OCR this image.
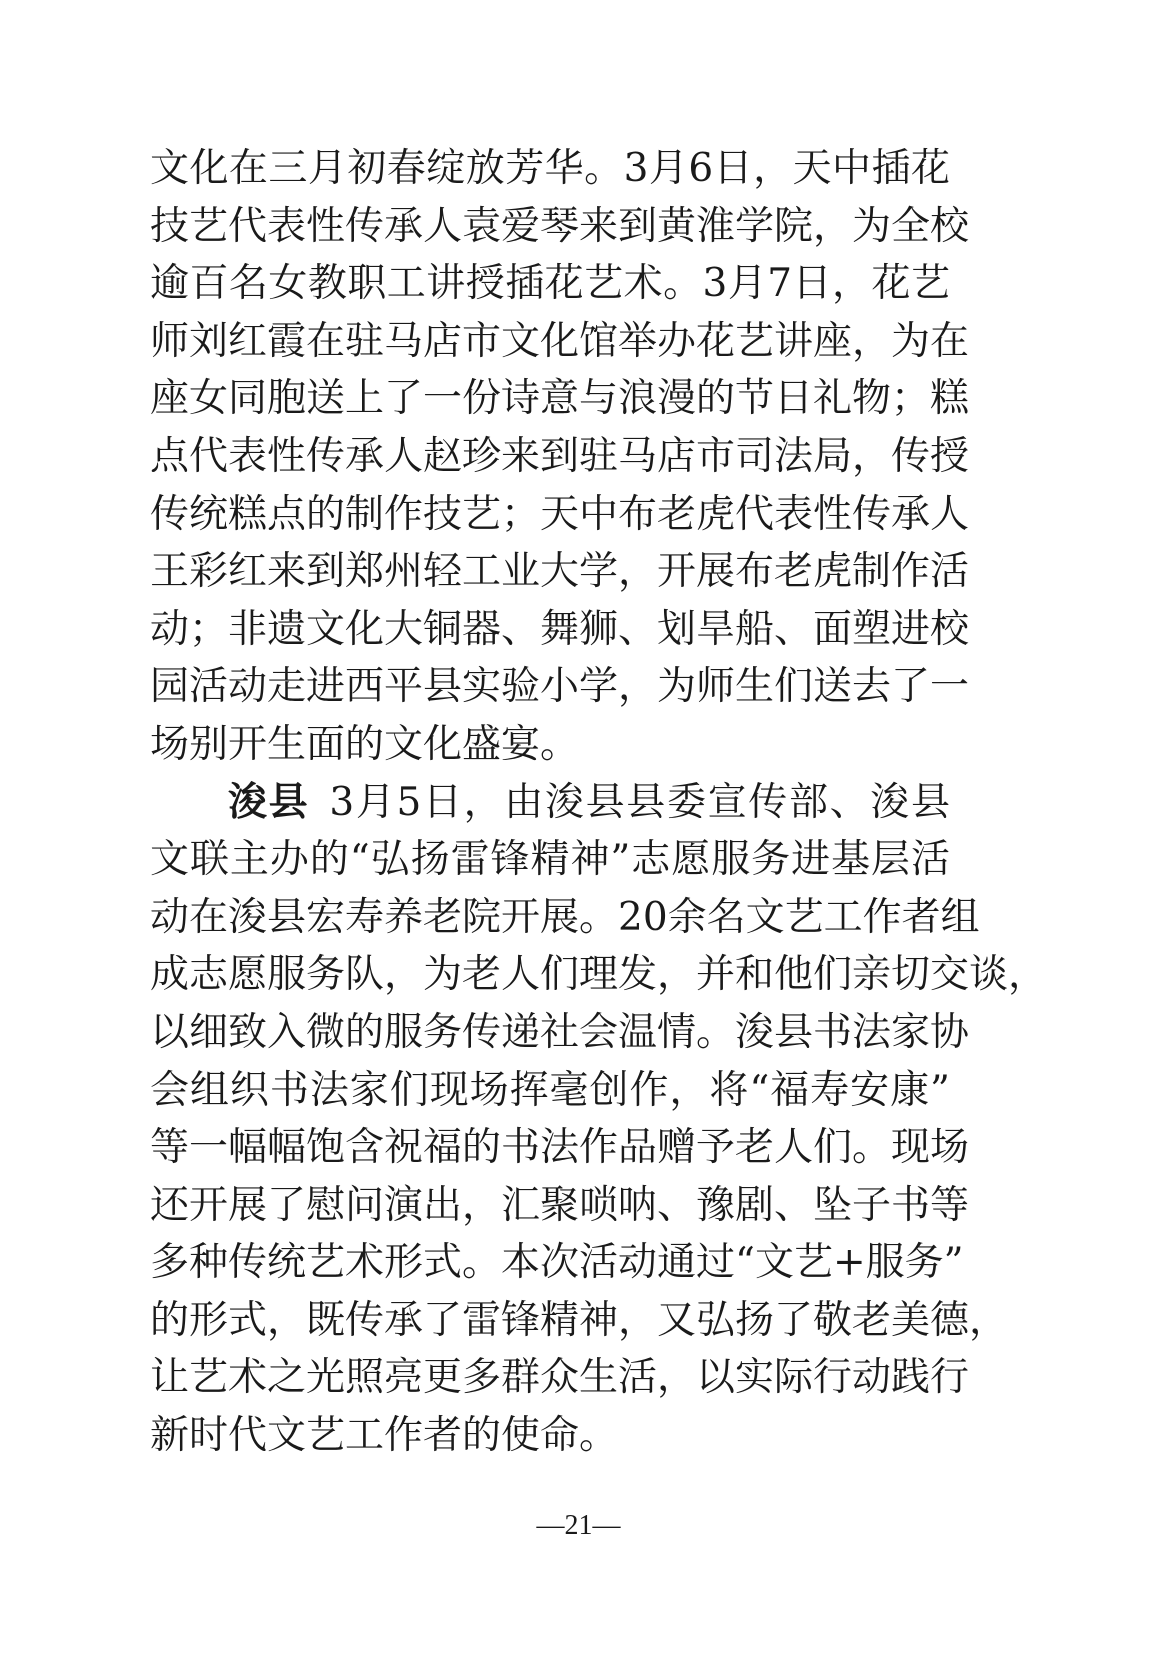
文化在三月初春绽放芳华。3月6日，天中插花
技艺代表性传承人袁爱琴来到黄淮学院，为全校
逾百名女教职工讲授插花艺术。3月7日，花艺
师刘红霞在驻马店市文化馆举办花艺讲座，为在
座女同胞送上了一份诗意与浪漫的节日礼物；糕
点代表性传承人赵珍来到驻马店市司法局，传授
传统糕点的制作技艺；天中布老虎代表性传承人
王彩红来到郑州轻工业大学，开展布老虎制作活
动；非遗文化大铜器、舞狮、划旱船、面塑进校
园活动走进西平县实验小学，为师生们送去了一
场别开生面的文化盛宴。
浚县 3月5日，由浚县县委宣传部、浚县
文联主办的“弘扬雷锋精神”志愿服务进基层活
动在浚县宏寿养老院开展。20余名文艺工作者组
成志愿服务队，为老人们理发，并和他们亲切交谈，
以细致入微的服务传递社会温情。浚县书法家协
会组织书法家们现场挥毫创作，将“福寿安康”
等一幅幅饱含祝福的书法作品赠予老人们。现场
还开展了慰问演出，汇聚唢呐、豫剧、坠子书等
多种传统艺术形式。本次活动通过“文艺+服务”
的形式，既传承了雷锋精神，又弘扬了敬老美德，
让艺术之光照亮更多群众生活，以实际行动践行
新时代文艺工作者的使命。
—21—
